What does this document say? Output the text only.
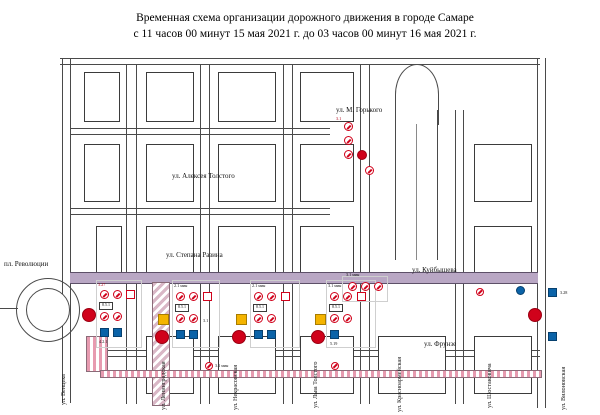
Временная схема организации дорожного движения в городе Самаре
с 11 часов 00 минут 15 мая 2021 г. до 03 часов 00 минут 16 мая 2021 г.
ул. М. Горького
ул. Алексея Толстого
ул. Степана Разина
ул. Куйбышева
пл. Революции
ул. Венцека	ул. Ленинградская	ул. Некрасовская	ул. Льва Толстого	ул. Красноармейская	ул. Шостаковича	ул. Вилоновская
ул. Фрунзе
3.1
3.27
8.5.1
4.2.1
2.1 мин
8.5.1
3.1
2.1 мин
8.5.1
3.1 мин
8.5.1
5.19
3.1 мин
3.28
3.1 мин
